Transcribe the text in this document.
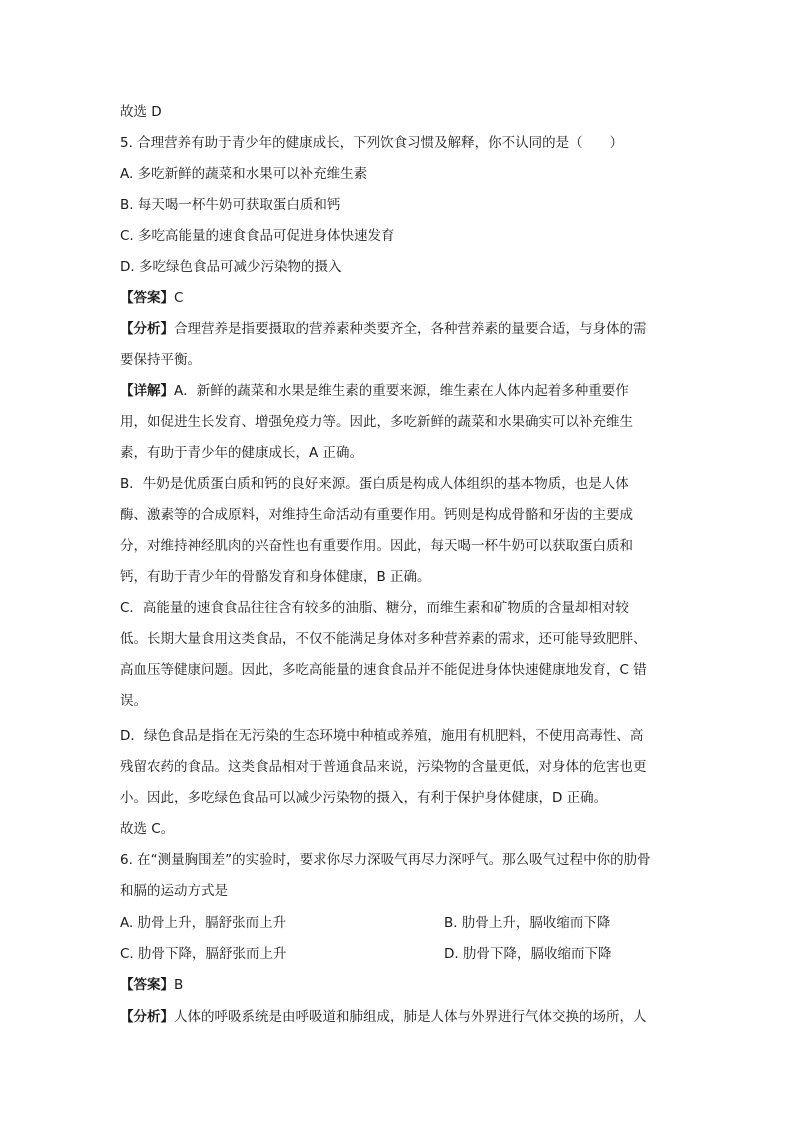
故选 D
5. 合理营养有助于青少年的健康成长，下列饮食习惯及解释，你不认同的是（　　）
A. 多吃新鲜的蔬菜和水果可以补充维生素
B. 每天喝一杯牛奶可获取蛋白质和钙
C. 多吃高能量的速食食品可促进身体快速发育
D. 多吃绿色食品可减少污染物的摄入
【答案】C
【分析】合理营养是指要摄取的营养素种类要齐全，各种营养素的量要合适，与身体的需
要保持平衡。
【详解】A．新鲜的蔬菜和水果是维生素的重要来源，维生素在人体内起着多种重要作
用，如促进生长发育、增强免疫力等。因此，多吃新鲜的蔬菜和水果确实可以补充维生
素，有助于青少年的健康成长，A 正确。
B．牛奶是优质蛋白质和钙的良好来源。蛋白质是构成人体组织的基本物质，也是人体
酶、激素等的合成原料，对维持生命活动有重要作用。钙则是构成骨骼和牙齿的主要成
分，对维持神经肌肉的兴奋性也有重要作用。因此，每天喝一杯牛奶可以获取蛋白质和
钙，有助于青少年的骨骼发育和身体健康，B 正确。
C．高能量的速食食品往往含有较多的油脂、糖分，而维生素和矿物质的含量却相对较
低。长期大量食用这类食品，不仅不能满足身体对多种营养素的需求，还可能导致肥胖、
高血压等健康问题。因此，多吃高能量的速食食品并不能促进身体快速健康地发育，C 错
误。
D．绿色食品是指在无污染的生态环境中种植或养殖，施用有机肥料，不使用高毒性、高
残留农药的食品。这类食品相对于普通食品来说，污染物的含量更低，对身体的危害也更
小。因此，多吃绿色食品可以减少污染物的摄入，有利于保护身体健康，D 正确。
故选 C。
6. 在“测量胸围差”的实验时，要求你尽力深吸气再尽力深呼气。那么吸气过程中你的肋骨
和膈的运动方式是
A. 肋骨上升，膈舒张而上升	B. 肋骨上升，膈收缩而下降
C. 肋骨下降，膈舒张而上升	D. 肋骨下降，膈收缩而下降
【答案】B
【分析】人体的呼吸系统是由呼吸道和肺组成，肺是人体与外界进行气体交换的场所，人
